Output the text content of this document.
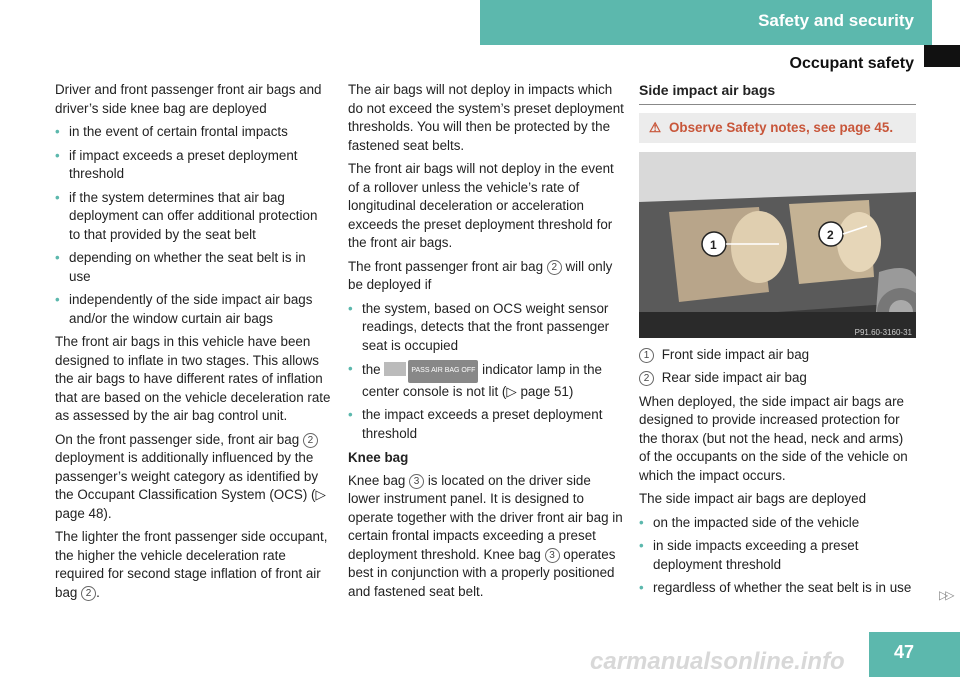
Safety and security
Occupant safety

Driver and front passenger front air bags and driver’s side knee bag are deployed

• in the event of certain frontal impacts
• if impact exceeds a preset deployment threshold
• if the system determines that air bag deployment can offer additional protection to that provided by the seat belt
• depending on whether the seat belt is in use
• independently of the side impact air bags and/or the window curtain air bags

The front air bags in this vehicle have been designed to inflate in two stages. This allows the air bags to have different rates of inflation that are based on the vehicle deceleration rate as assessed by the air bag control unit.

On the front passenger side, front air bag 2 deployment is additionally influenced by the passenger’s weight category as identified by the Occupant Classification System (OCS) (▷ page 48).

The lighter the front passenger side occupant, the higher the vehicle deceleration rate required for second stage inflation of front air bag 2 .

The air bags will not deploy in impacts which do not exceed the system’s preset deployment thresholds. You will then be protected by the fastened seat belts.

The front air bags will not deploy in the event of a rollover unless the vehicle’s rate of longitudinal deceleration or acceleration exceeds the preset deployment threshold for the front air bags.

The front passenger front air bag 2 will only be deployed if

• the system, based on OCS weight sensor readings, detects that the front passenger seat is occupied
• the	PASS AIR BAG OFF indicator lamp in the center console is not lit (▷ page 51)
• the impact exceeds a preset deployment threshold
Knee bag

Knee bag 3 is located on the driver side lower instrument panel. It is designed to operate together with the driver front air bag in certain frontal impacts exceeding a preset deployment threshold. Knee bag 3 operates best in conjunction with a properly positioned and fastened seat belt.

Side impact air bags
⚠ Observe Safety notes, see page 45.
1
2
P91.60-3160-31
1 Front side impact air bag
2 Rear side impact air bag

When deployed, the side impact air bags are designed to provide increased protection for the thorax (but not the head, neck and arms) of the occupants on the side of the vehicle on which the impact occurs.

The side impact air bags are deployed

• on the impacted side of the vehicle
• in side impacts exceeding a preset deployment threshold
• regardless of whether the seat belt is in use	▷▷
carmanualsonline.info	47
